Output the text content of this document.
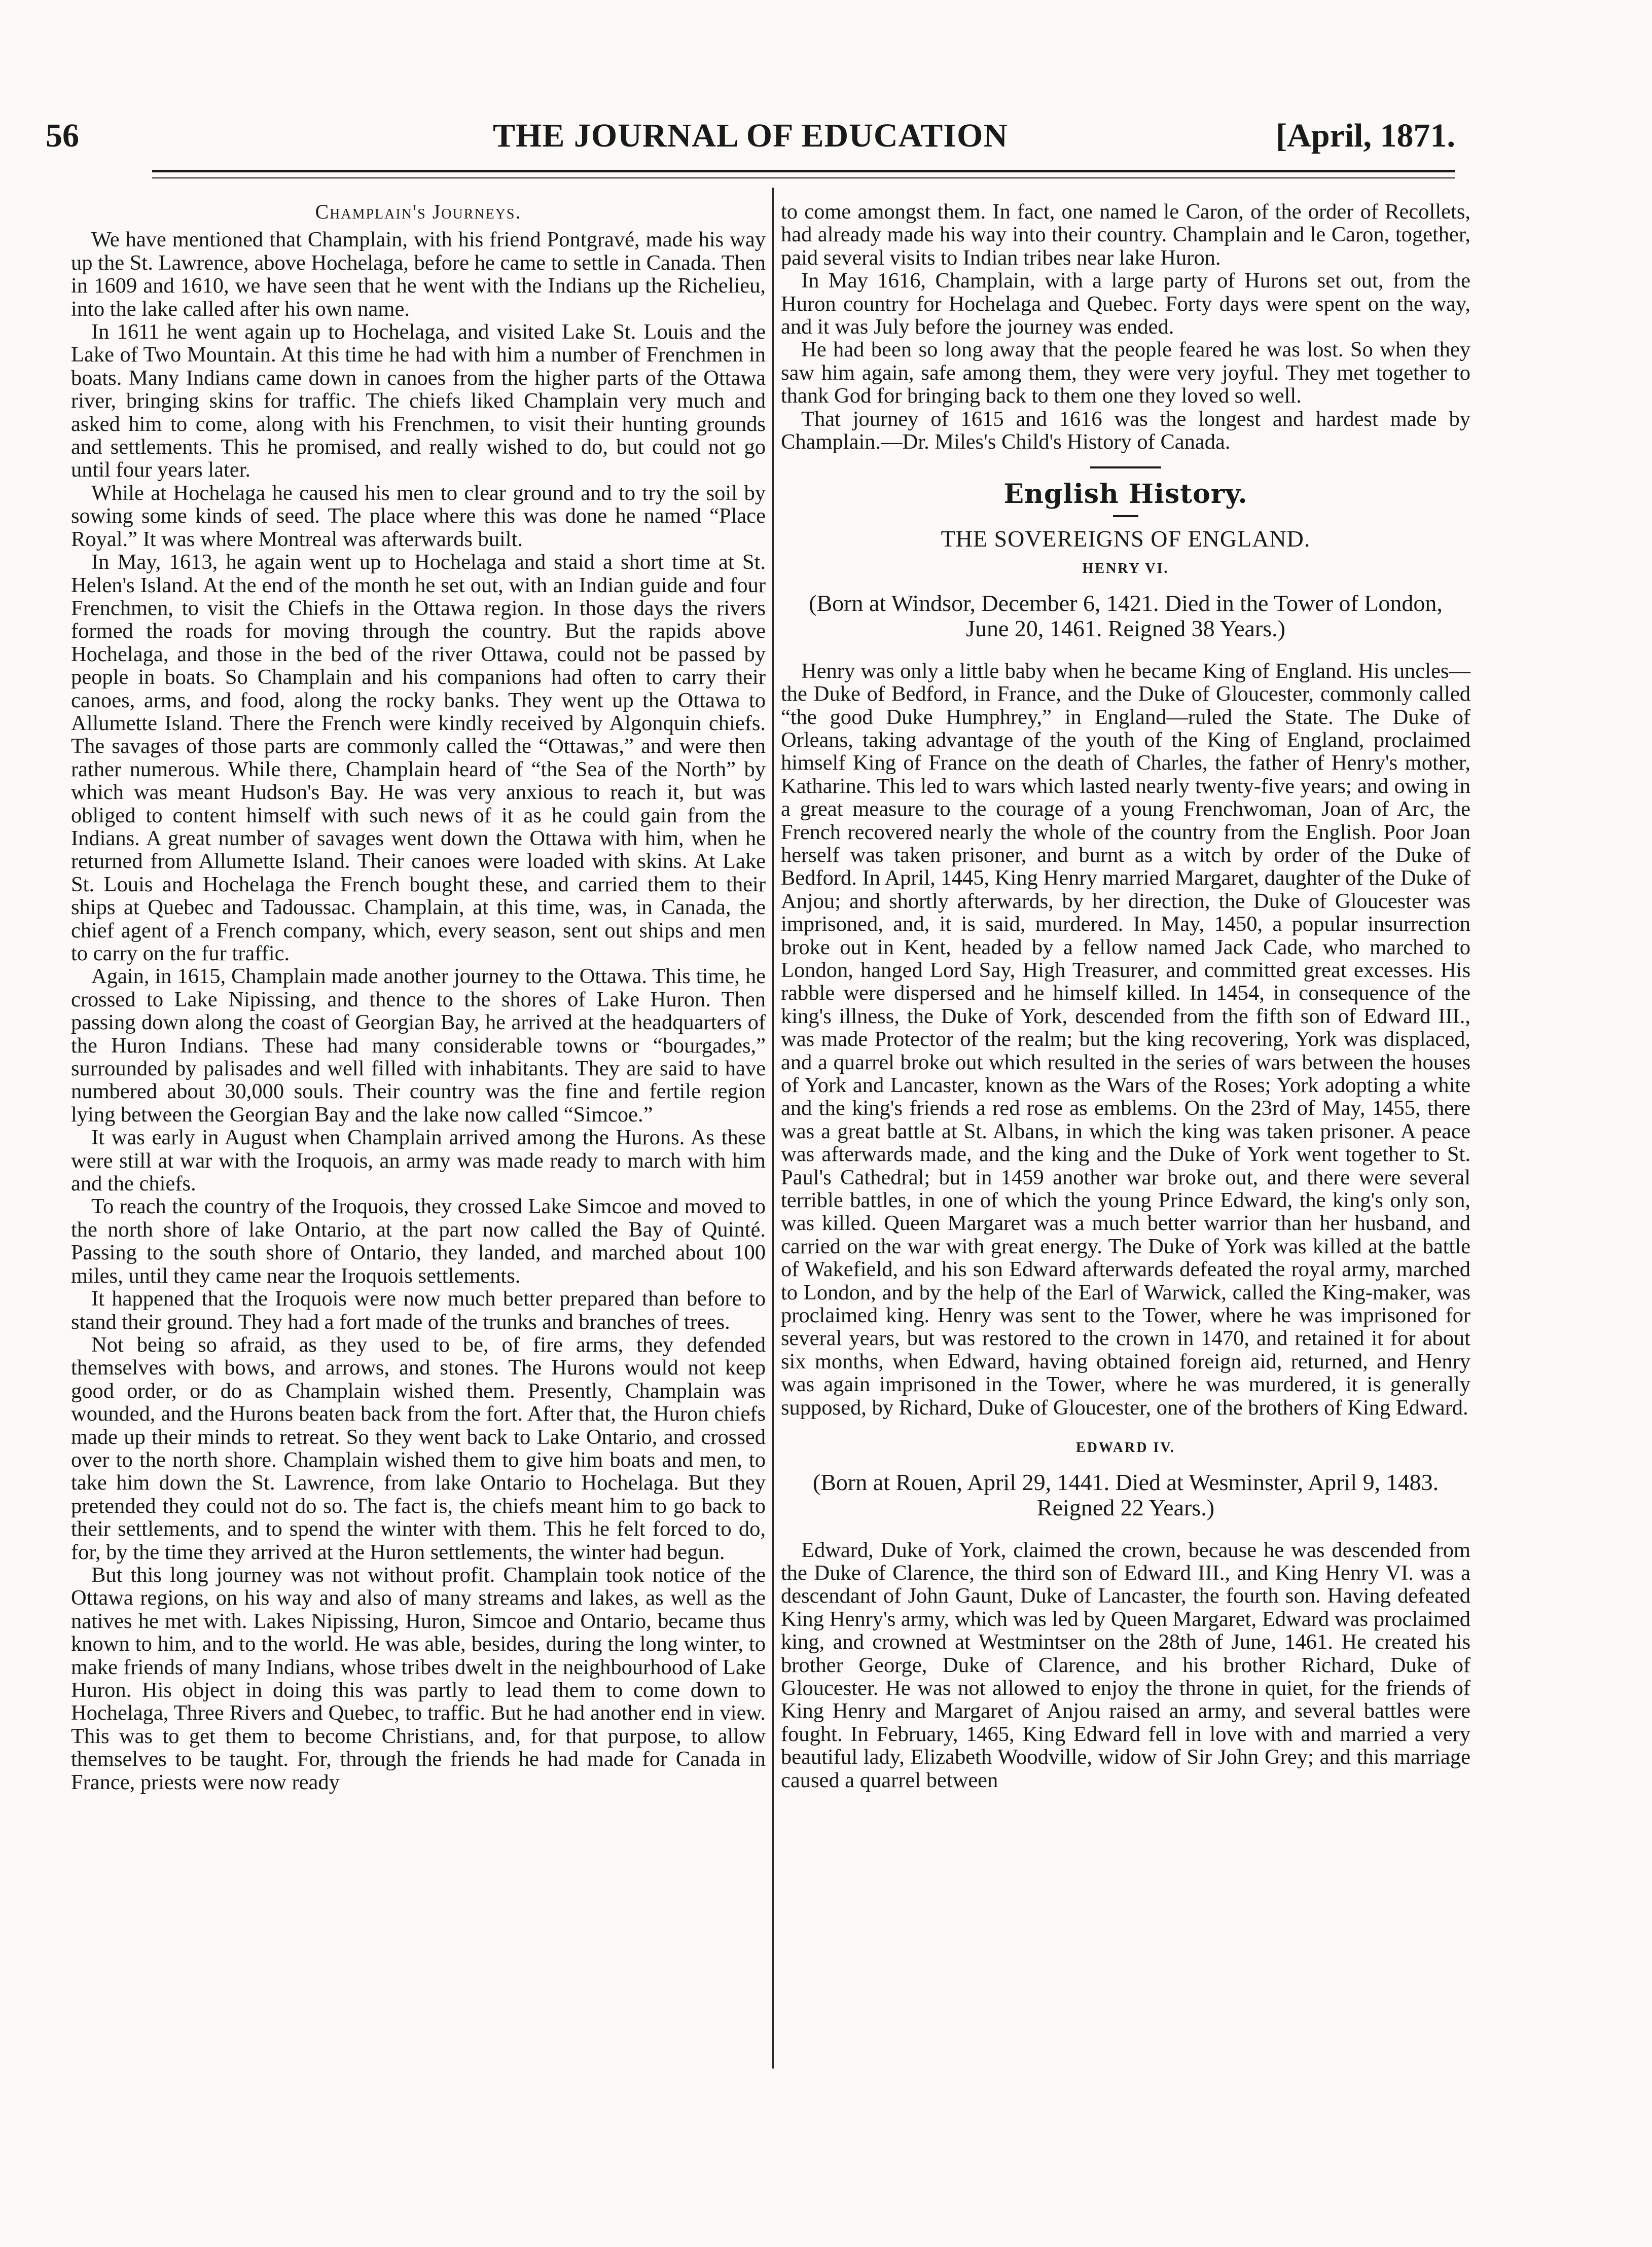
56	THE JOURNAL OF EDUCATION	[April, 1871.
Champlain's Journeys.

We have mentioned that Champlain, with his friend Pontgravé, made his way up the St. Lawrence, above Hochelaga, before he came to settle in Canada. Then in 1609 and 1610, we have seen that he went with the Indians up the Richelieu, into the lake called after his own name.

In 1611 he went again up to Hochelaga, and visited Lake St. Louis and the Lake of Two Mountain. At this time he had with him a number of Frenchmen in boats. Many Indians came down in canoes from the higher parts of the Ottawa river, bringing skins for traffic. The chiefs liked Champlain very much and asked him to come, along with his Frenchmen, to visit their hunting grounds and settlements. This he promised, and really wished to do, but could not go until four years later.

While at Hochelaga he caused his men to clear ground and to try the soil by sowing some kinds of seed. The place where this was done he named “Place Royal.” It was where Montreal was afterwards built.

In May, 1613, he again went up to Hochelaga and staid a short time at St. Helen's Island. At the end of the month he set out, with an Indian guide and four Frenchmen, to visit the Chiefs in the Ottawa region. In those days the rivers formed the roads for moving through the country. But the rapids above Hochelaga, and those in the bed of the river Ottawa, could not be passed by people in boats. So Champlain and his companions had often to carry their canoes, arms, and food, along the rocky banks. They went up the Ottawa to Allumette Island. There the French were kindly received by Algonquin chiefs. The savages of those parts are commonly called the “Ottawas,” and were then rather numerous. While there, Champlain heard of “the Sea of the North” by which was meant Hudson's Bay. He was very anxious to reach it, but was obliged to content himself with such news of it as he could gain from the Indians. A great number of savages went down the Ottawa with him, when he returned from Allumette Island. Their canoes were loaded with skins. At Lake St. Louis and Hochelaga the French bought these, and carried them to their ships at Quebec and Tadoussac. Champlain, at this time, was, in Canada, the chief agent of a French company, which, every season, sent out ships and men to carry on the fur traffic.

Again, in 1615, Champlain made another journey to the Ottawa. This time, he crossed to Lake Nipissing, and thence to the shores of Lake Huron. Then passing down along the coast of Georgian Bay, he arrived at the headquarters of the Huron Indians. These had many considerable towns or “bourgades,” surrounded by palisades and well filled with inhabitants. They are said to have numbered about 30,000 souls. Their country was the fine and fertile region lying between the Georgian Bay and the lake now called “Simcoe.”

It was early in August when Champlain arrived among the Hurons. As these were still at war with the Iroquois, an army was made ready to march with him and the chiefs.

To reach the country of the Iroquois, they crossed Lake Simcoe and moved to the north shore of lake Ontario, at the part now called the Bay of Quinté. Passing to the south shore of Ontario, they landed, and marched about 100 miles, until they came near the Iroquois settlements.

It happened that the Iroquois were now much better prepared than before to stand their ground. They had a fort made of the trunks and branches of trees.

Not being so afraid, as they used to be, of fire arms, they defended themselves with bows, and arrows, and stones. The Hurons would not keep good order, or do as Champlain wished them. Presently, Champlain was wounded, and the Hurons beaten back from the fort. After that, the Huron chiefs made up their minds to retreat. So they went back to Lake Ontario, and crossed over to the north shore. Champlain wished them to give him boats and men, to take him down the St. Lawrence, from lake Ontario to Hochelaga. But they pretended they could not do so. The fact is, the chiefs meant him to go back to their settlements, and to spend the winter with them. This he felt forced to do, for, by the time they arrived at the Huron settlements, the winter had begun.

But this long journey was not without profit. Champlain took notice of the Ottawa regions, on his way and also of many streams and lakes, as well as the natives he met with. Lakes Nipissing, Huron, Simcoe and Ontario, became thus known to him, and to the world. He was able, besides, during the long winter, to make friends of many Indians, whose tribes dwelt in the neighbourhood of Lake Huron. His object in doing this was partly to lead them to come down to Hochelaga, Three Rivers and Quebec, to traffic. But he had another end in view. This was to get them to become Christians, and, for that purpose, to allow themselves to be taught. For, through the friends he had made for Canada in France, priests were now ready

to come amongst them. In fact, one named le Caron, of the order of Recollets, had already made his way into their country. Champlain and le Caron, together, paid several visits to Indian tribes near lake Huron.

In May 1616, Champlain, with a large party of Hurons set out, from the Huron country for Hochelaga and Quebec. Forty days were spent on the way, and it was July before the journey was ended.

He had been so long away that the people feared he was lost. So when they saw him again, safe among them, they were very joyful. They met together to thank God for bringing back to them one they loved so well.

That journey of 1615 and 1616 was the longest and hardest made by Champlain.—Dr. Miles's Child's History of Canada.

English History.
THE SOVEREIGNS OF ENGLAND.
HENRY VI.
(Born at Windsor, December 6, 1421. Died in the Tower of London, June 20, 1461. Reigned 38 Years.)

Henry was only a little baby when he became King of England. His uncles—the Duke of Bedford, in France, and the Duke of Gloucester, commonly called “the good Duke Humphrey,” in England—ruled the State. The Duke of Orleans, taking advantage of the youth of the King of England, proclaimed himself King of France on the death of Charles, the father of Henry's mother, Katharine. This led to wars which lasted nearly twenty-five years; and owing in a great measure to the courage of a young Frenchwoman, Joan of Arc, the French recovered nearly the whole of the country from the English. Poor Joan herself was taken prisoner, and burnt as a witch by order of the Duke of Bedford. In April, 1445, King Henry married Margaret, daughter of the Duke of Anjou; and shortly afterwards, by her direction, the Duke of Gloucester was imprisoned, and, it is said, murdered. In May, 1450, a popular insurrection broke out in Kent, headed by a fellow named Jack Cade, who marched to London, hanged Lord Say, High Treasurer, and committed great excesses. His rabble were dispersed and he himself killed. In 1454, in consequence of the king's illness, the Duke of York, descended from the fifth son of Edward III., was made Protector of the realm; but the king recovering, York was displaced, and a quarrel broke out which resulted in the series of wars between the houses of York and Lancaster, known as the Wars of the Roses; York adopting a white and the king's friends a red rose as emblems. On the 23rd of May, 1455, there was a great battle at St. Albans, in which the king was taken prisoner. A peace was afterwards made, and the king and the Duke of York went together to St. Paul's Cathedral; but in 1459 another war broke out, and there were several terrible battles, in one of which the young Prince Edward, the king's only son, was killed. Queen Margaret was a much better warrior than her husband, and carried on the war with great energy. The Duke of York was killed at the battle of Wakefield, and his son Edward afterwards defeated the royal army, marched to London, and by the help of the Earl of Warwick, called the King-maker, was proclaimed king. Henry was sent to the Tower, where he was imprisoned for several years, but was restored to the crown in 1470, and retained it for about six months, when Edward, having obtained foreign aid, returned, and Henry was again imprisoned in the Tower, where he was murdered, it is generally supposed, by Richard, Duke of Gloucester, one of the brothers of King Edward.

EDWARD IV.
(Born at Rouen, April 29, 1441. Died at Wesminster, April 9, 1483. Reigned 22 Years.)

Edward, Duke of York, claimed the crown, because he was descended from the Duke of Clarence, the third son of Edward III., and King Henry VI. was a descendant of John Gaunt, Duke of Lancaster, the fourth son. Having defeated King Henry's army, which was led by Queen Margaret, Edward was proclaimed king, and crowned at Westmintser on the 28th of June, 1461. He created his brother George, Duke of Clarence, and his brother Richard, Duke of Gloucester. He was not allowed to enjoy the throne in quiet, for the friends of King Henry and Margaret of Anjou raised an army, and several battles were fought. In February, 1465, King Edward fell in love with and married a very beautiful lady, Elizabeth Woodville, widow of Sir John Grey; and this marriage caused a quarrel between
